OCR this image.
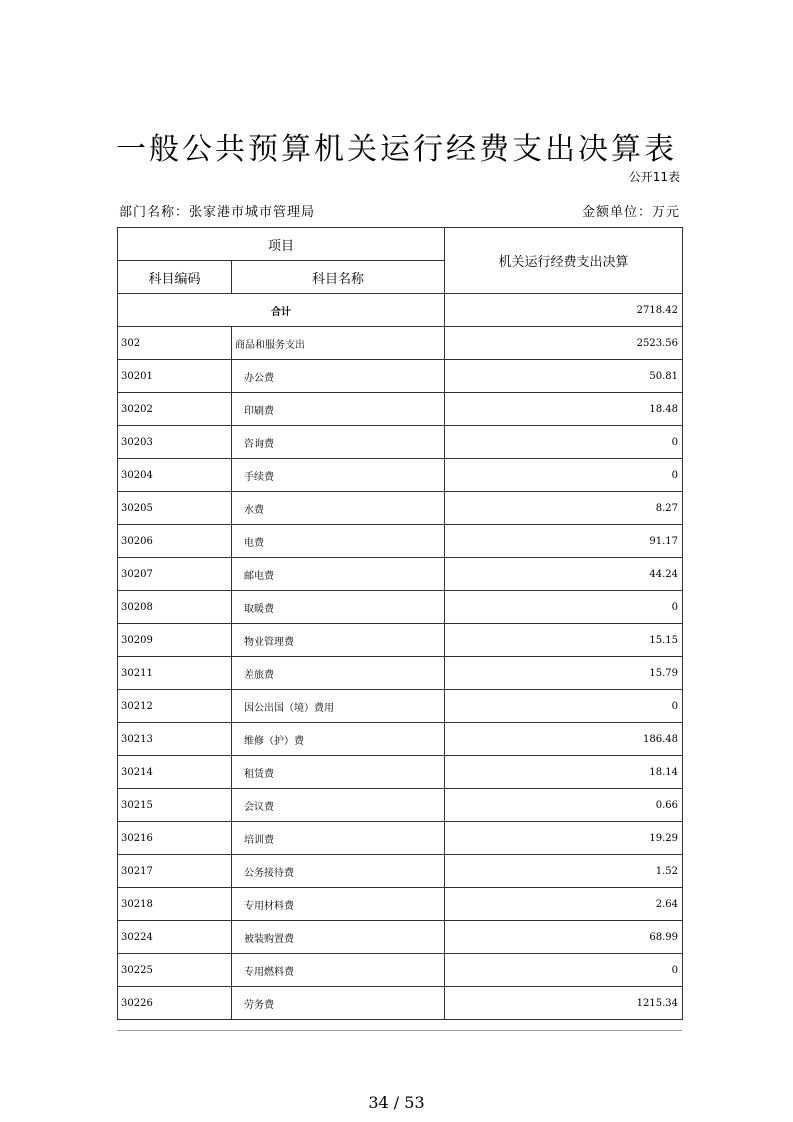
一般公共预算机关运行经费支出决算表
公开11表
部门名称：张家港市城市管理局	金额单位：万元
项目		机关运行经费支出决算
科目编码	科目名称	
合计		2718.42
302	商品和服务支出	2523.56
30201	办公费	50.81
30202	印刷费	18.48
30203	咨询费	0
30204	手续费	0
30205	水费	8.27
30206	电费	91.17
30207	邮电费	44.24
30208	取暖费	0
30209	物业管理费	15.15
30211	差旅费	15.79
30212	因公出国（境）费用	0
30213	维修（护）费	186.48
30214	租赁费	18.14
30215	会议费	0.66
30216	培训费	19.29
30217	公务接待费	1.52
30218	专用材料费	2.64
30224	被装购置费	68.99
30225	专用燃料费	0
30226	劳务费	1215.34
34 / 53
